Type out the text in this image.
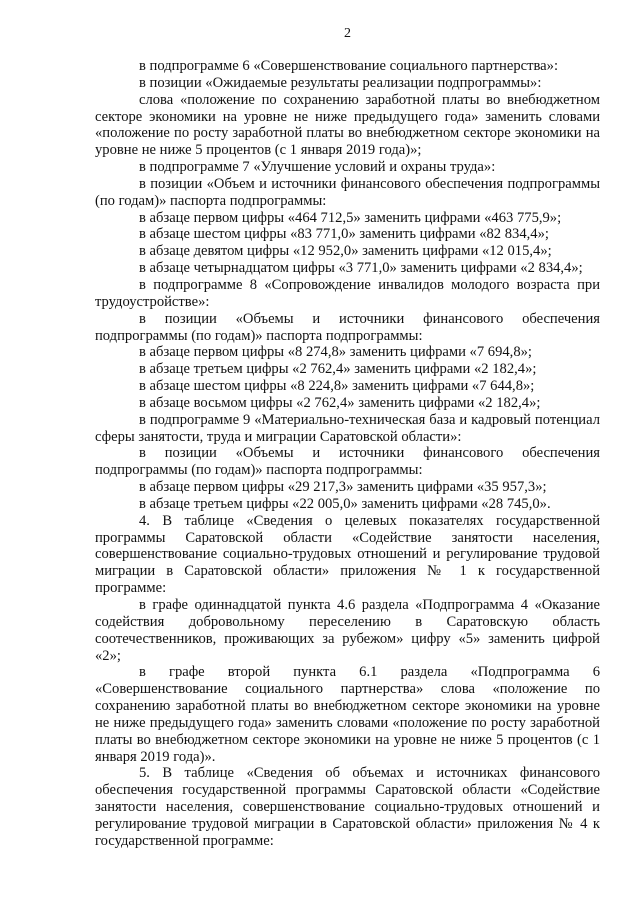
2

в подпрограмме 6 «Совершенствование социального партнерства»:

в позиции «Ожидаемые результаты реализации подпрограммы»:

слова «положение по сохранению заработной платы во внебюджетном секторе экономики на уровне не ниже предыдущего года» заменить словами «положение по росту заработной платы во внебюджетном секторе экономики на уровне не ниже 5 процентов (с 1 января 2019 года)»;

в подпрограмме 7 «Улучшение условий и охраны труда»:

в позиции «Объем и источники финансового обеспечения подпрограммы (по годам)» паспорта подпрограммы:

в абзаце первом цифры «464 712,5» заменить цифрами «463 775,9»;

в абзаце шестом цифры «83 771,0» заменить цифрами «82 834,4»;

в абзаце девятом цифры «12 952,0» заменить цифрами «12 015,4»;

в абзаце четырнадцатом цифры «3 771,0» заменить цифрами «2 834,4»;

в подпрограмме 8 «Сопровождение инвалидов молодого возраста при трудоустройстве»:

в позиции «Объемы и источники финансового обеспечения подпрограммы (по годам)» паспорта подпрограммы:

в абзаце первом цифры «8 274,8» заменить цифрами «7 694,8»;

в абзаце третьем цифры «2 762,4» заменить цифрами «2 182,4»;

в абзаце шестом цифры «8 224,8» заменить цифрами «7 644,8»;

в абзаце восьмом цифры «2 762,4» заменить цифрами «2 182,4»;

в подпрограмме 9 «Материально-техническая база и кадровый потенциал сферы занятости, труда и миграции Саратовской области»:

в позиции «Объемы и источники финансового обеспечения подпрограммы (по годам)» паспорта подпрограммы:

в абзаце первом цифры «29 217,3» заменить цифрами «35 957,3»;

в абзаце третьем цифры «22 005,0» заменить цифрами «28 745,0».

4. В таблице «Сведения о целевых показателях государственной программы Саратовской области «Содействие занятости населения, совершенствование социально-трудовых отношений и регулирование трудовой миграции в Саратовской области» приложения № 1 к государственной программе:

в графе одиннадцатой пункта 4.6 раздела «Подпрограмма 4 «Оказание содействия добровольному переселению в Саратовскую область соотечественников, проживающих за рубежом» цифру «5» заменить цифрой «2»;

в графе второй пункта 6.1 раздела «Подпрограмма 6 «Совершенствование социального партнерства» слова «положение по сохранению заработной платы во внебюджетном секторе экономики на уровне не ниже предыдущего года» заменить словами «положение по росту заработной платы во внебюджетном секторе экономики на уровне не ниже 5 процентов (с 1 января 2019 года)».

5. В таблице «Сведения об объемах и источниках финансового обеспечения государственной программы Саратовской области «Содействие занятости населения, совершенствование социально-трудовых отношений и регулирование трудовой миграции в Саратовской области» приложения № 4 к государственной программе:
